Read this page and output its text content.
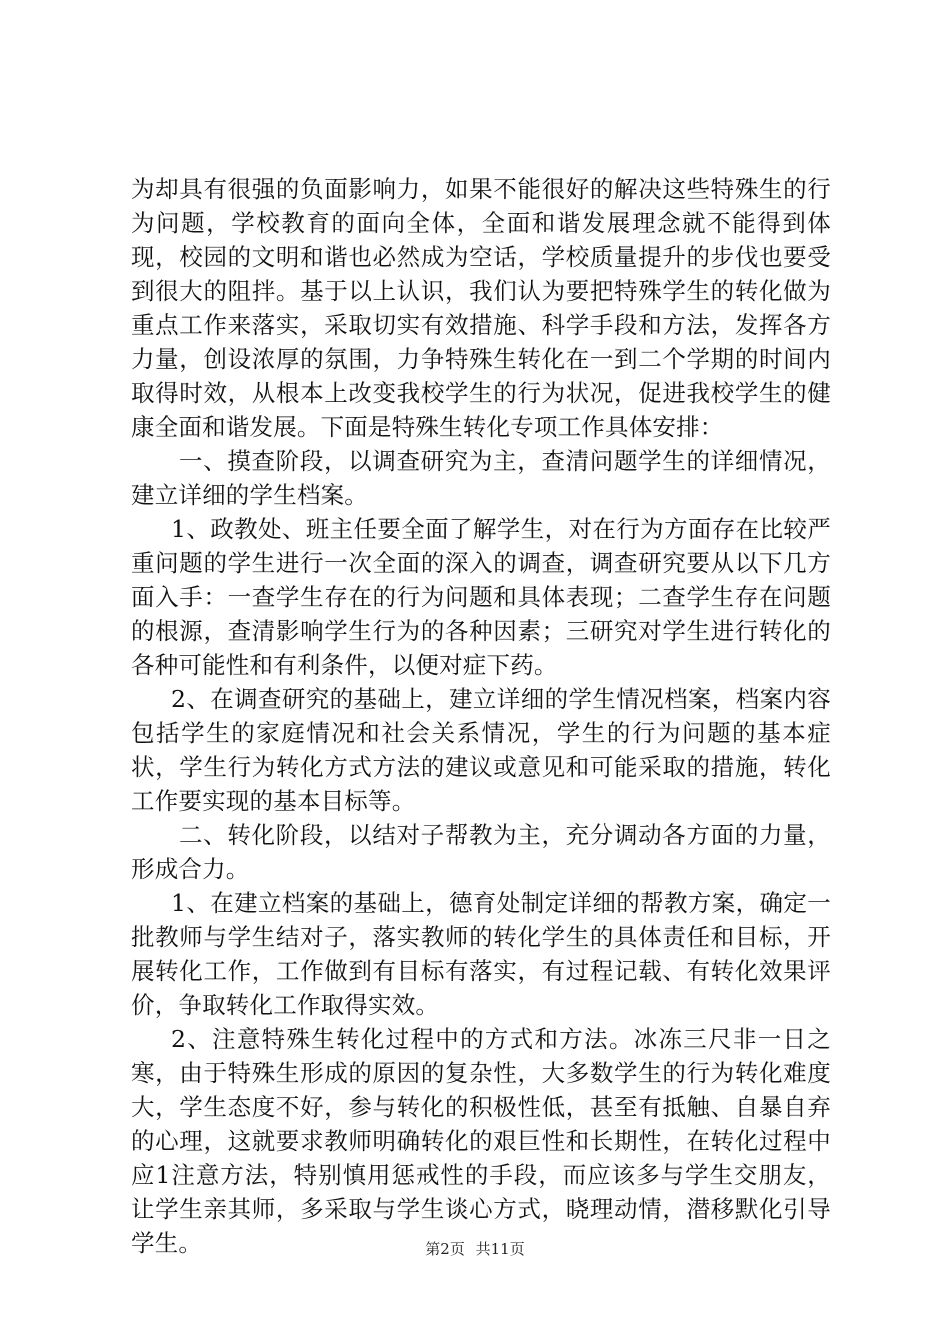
为却具有很强的负面影响力，如果不能很好的解决这些特殊生的行为问题，学校教育的面向全体，全面和谐发展理念就不能得到体现，校园的文明和谐也必然成为空话，学校质量提升的步伐也要受到很大的阻拌。基于以上认识，我们认为要把特殊学生的转化做为重点工作来落实，采取切实有效措施、科学手段和方法，发挥各方力量，创设浓厚的氛围，力争特殊生转化在一到二个学期的时间内取得时效，从根本上改变我校学生的行为状况，促进我校学生的健康全面和谐发展。下面是特殊生转化专项工作具体安排：

一、摸查阶段，以调查研究为主，查清问题学生的详细情况，建立详细的学生档案。

1、政教处、班主任要全面了解学生，对在行为方面存在比较严重问题的学生进行一次全面的深入的调查，调查研究要从以下几方面入手：一查学生存在的行为问题和具体表现；二查学生存在问题的根源，查清影响学生行为的各种因素；三研究对学生进行转化的各种可能性和有利条件，以便对症下药。

2、在调查研究的基础上，建立详细的学生情况档案，档案内容包括学生的家庭情况和社会关系情况，学生的行为问题的基本症状，学生行为转化方式方法的建议或意见和可能采取的措施，转化工作要实现的基本目标等。

二、转化阶段，以结对子帮教为主，充分调动各方面的力量，形成合力。

1、在建立档案的基础上，德育处制定详细的帮教方案，确定一批教师与学生结对子，落实教师的转化学生的具体责任和目标，开展转化工作，工作做到有目标有落实，有过程记载、有转化效果评价，争取转化工作取得实效。

2、注意特殊生转化过程中的方式和方法。冰冻三尺非一日之寒，由于特殊生形成的原因的复杂性，大多数学生的行为转化难度大，学生态度不好，参与转化的积极性低，甚至有抵触、自暴自弃的心理，这就要求教师明确转化的艰巨性和长期性，在转化过程中应1注意方法，特别慎用惩戒性的手段，而应该多与学生交朋友，让学生亲其师，多采取与学生谈心方式，晓理动情，潜移默化引导学生。	第2页 共11页
